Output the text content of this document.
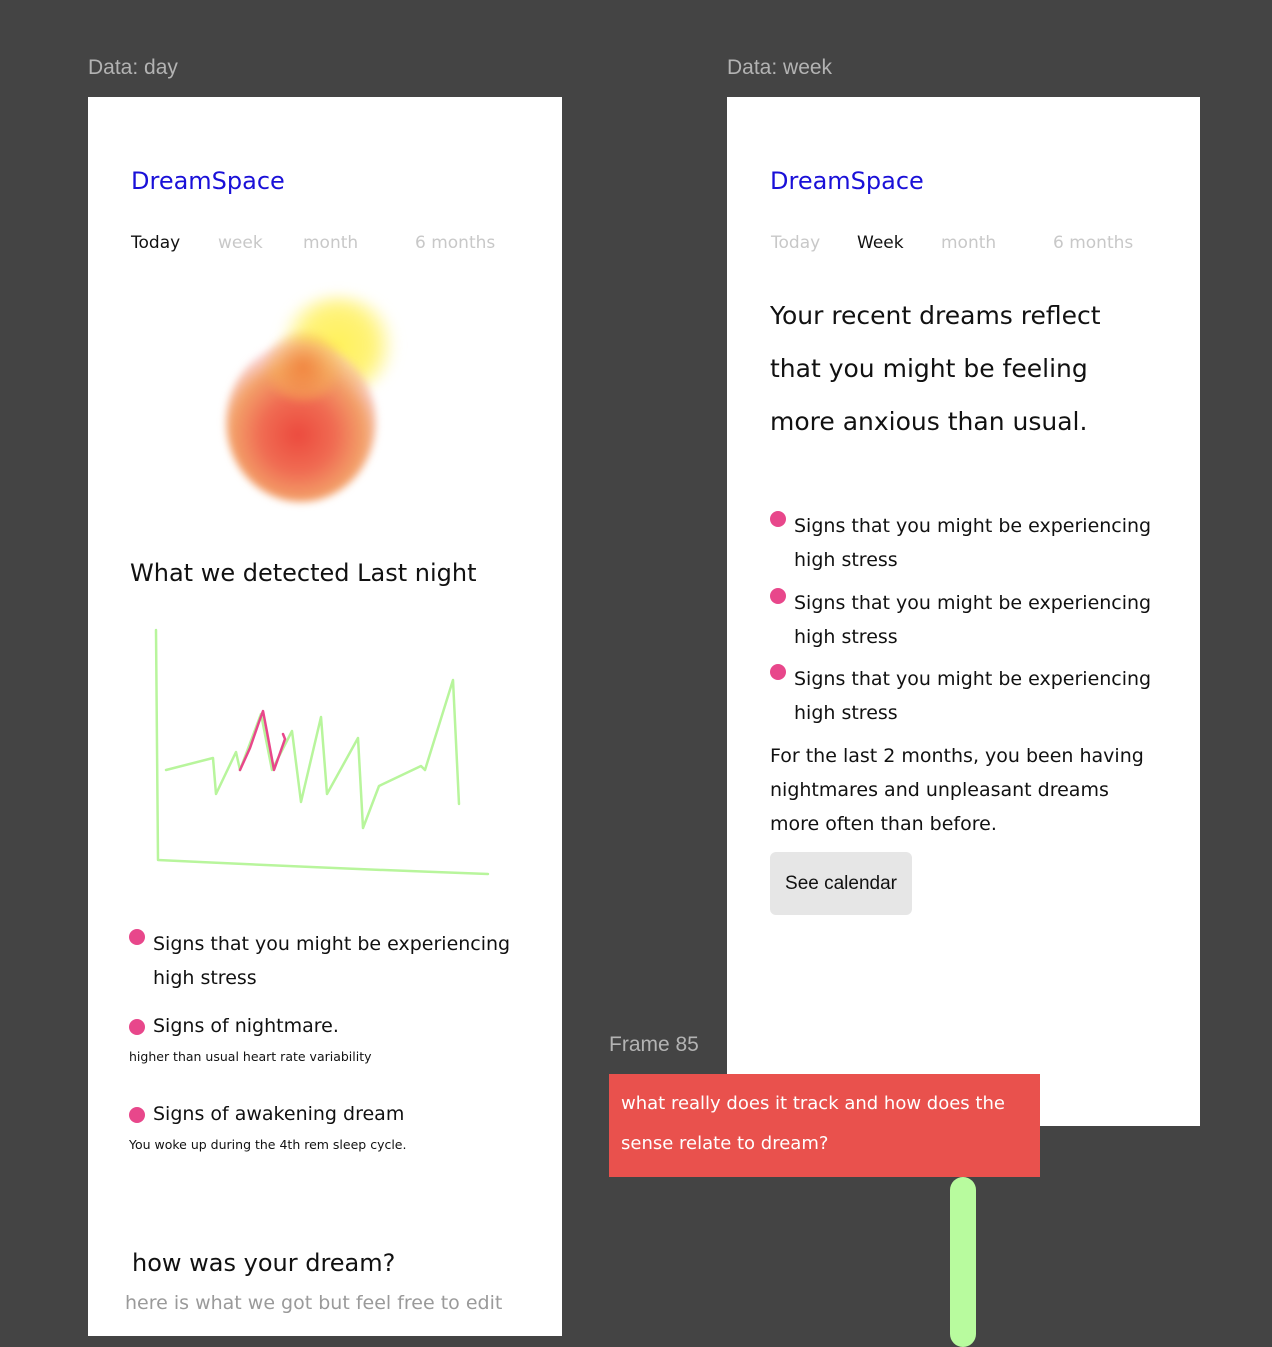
Data: day	Data: week
DreamSpace
Today week month	6 months
What we detected Last night
Signs that you might be experiencing high stress
Signs of nightmare.
higher than usual heart rate variability
Signs of awakening dream
You woke up during the 4th rem sleep cycle.
how was your dream?
here is what we got but feel free to edit
DreamSpace
Today Week month	6 months
Your recent dreams reflect that you might be feeling more anxious than usual.
Signs that you might be experiencing high stress
Signs that you might be experiencing high stress
Signs that you might be experiencing high stress
For the last 2 months, you been having nightmares and unpleasant dreams more often than before.
See calendar
Frame 85
what really does it track and how does the sense relate to dream?
